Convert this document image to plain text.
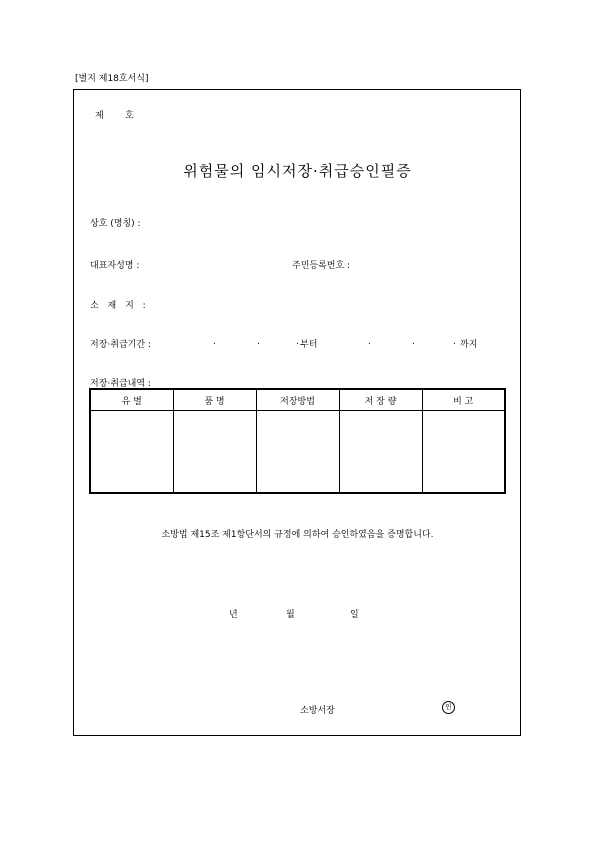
[별지 제18호서식]
제 호
위험물의 임시저장·취급승인필증
상호 (명칭) :
대표자성명 :	주민등록번호 :
소 재 지 :
저장·취급기간 :	.	.	. 부터	.	.	. 까지
저장·취급내역 :
유 별	품 명	저장방법	저 장 량	비 고

소방법 제15조 제1항단서의 규정에 의하여 승인하였음을 증명합니다.
년	월	일
소방서장	인
